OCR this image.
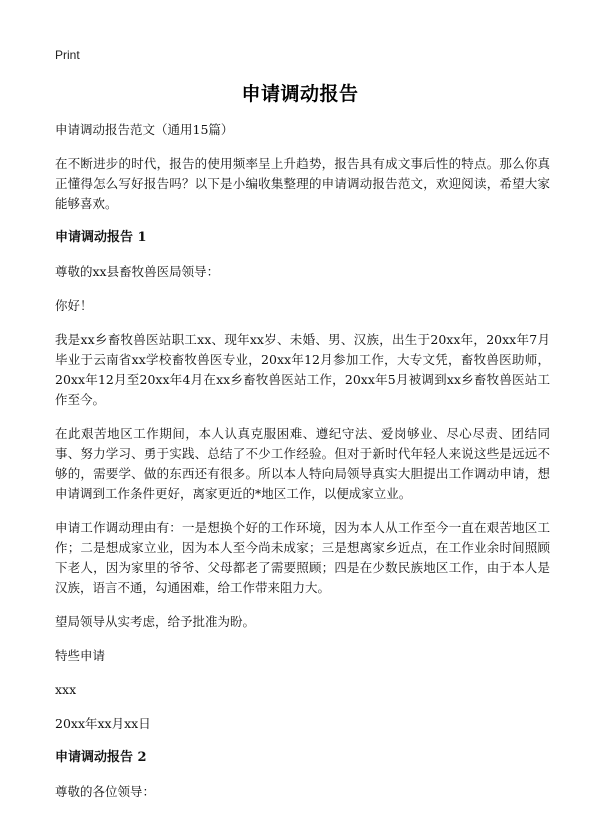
Print
申请调动报告

申请调动报告范文（通用15篇）

在不断进步的时代，报告的使用频率呈上升趋势，报告具有成文事后性的特点。那么你真正懂得怎么写好报告吗？以下是小编收集整理的申请调动报告范文，欢迎阅读，希望大家能够喜欢。

申请调动报告 1

尊敬的xx县畜牧兽医局领导：

你好！

我是xx乡畜牧兽医站职工xx、现年xx岁、未婚、男、汉族，出生于20xx年，20xx年7月毕业于云南省xx学校畜牧兽医专业，20xx年12月参加工作，大专文凭，畜牧兽医助师，20xx年12月至20xx年4月在xx乡畜牧兽医站工作，20xx年5月被调到xx乡畜牧兽医站工作至今。

在此艰苦地区工作期间，本人认真克服困难、遵纪守法、爱岗够业、尽心尽责、团结同事、努力学习、勇于实践、总结了不少工作经验。但对于新时代年轻人来说这些是远远不够的，需要学、做的东西还有很多。所以本人特向局领导真实大胆提出工作调动申请，想申请调到工作条件更好，离家更近的*地区工作，以便成家立业。

申请工作调动理由有：一是想换个好的工作环境，因为本人从工作至今一直在艰苦地区工作；二是想成家立业，因为本人至今尚未成家；三是想离家乡近点，在工作业余时间照顾下老人，因为家里的爷爷、父母都老了需要照顾；四是在少数民族地区工作，由于本人是汉族，语言不通，勾通困难，给工作带来阻力大。

望局领导从实考虑，给予批准为盼。

特些申请

xxx

20xx年xx月xx日

申请调动报告 2

尊敬的各位领导：
